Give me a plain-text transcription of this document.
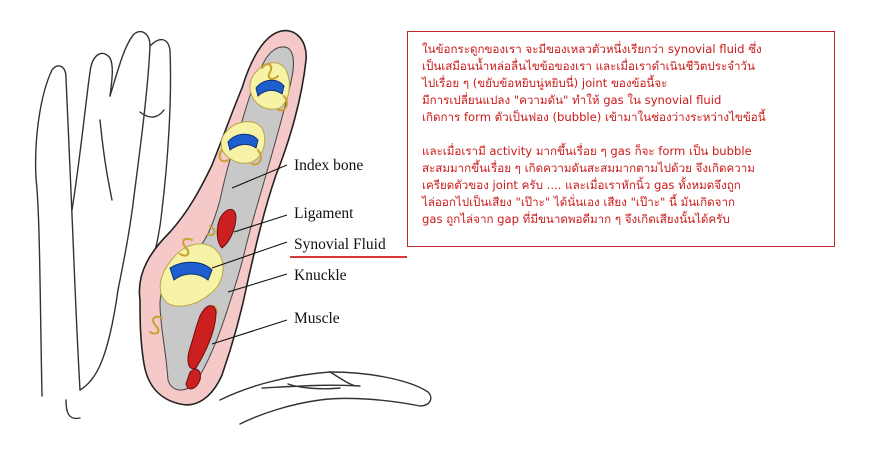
Index bone
Ligament
Synovial Fluid
Knuckle
Muscle

ในข้อกระดูกของเรา จะมีของเหลวตัวหนึ่งเรียกว่า synovial fluid ซึ่ง

เป็นเสมือนน้ำหล่อลื่นไขข้อของเรา และเมื่อเราดำเนินชีวิตประจำวัน

ไปเรื่อย ๆ (ขยับข้อหยิบนู่หยิบนี่) joint ของข้อนี้จะ

มีการเปลี่ยนแปลง "ความดัน" ทำให้ gas ใน synovial fluid

เกิดการ form ตัวเป็นฟอง (bubble) เข้ามาในช่องว่างระหว่างไขข้อนี้

และเมื่อเรามี activity มากขึ้นเรื่อย ๆ gas ก็จะ form เป็น bubble

สะสมมากขึ้นเรื่อย ๆ เกิดความดันสะสมมากตามไปด้วย จึงเกิดความ

เครียดตัวของ joint ครับ .... และเมื่อเราหักนิ้ว gas ทั้งหมดจึงถูก

ไล่ออกไปเป็นเสียง "เป๊าะ" ได้นั่นเอง เสียง "เป๊าะ" นี้ มันเกิดจาก

gas ถูกไล่จาก gap ที่มีขนาดพอดีมาก ๆ จึงเกิดเสียงนั้นได้ครับ
